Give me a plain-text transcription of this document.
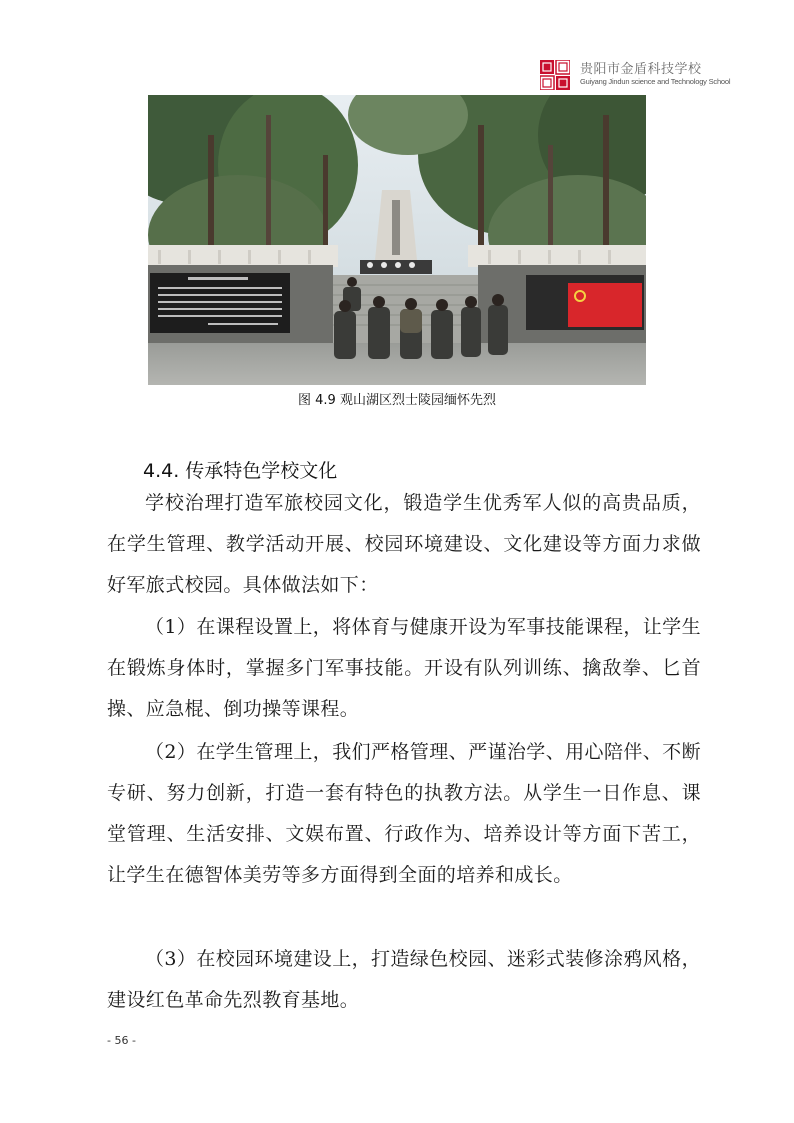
贵阳市金盾科技学校
Guiyang Jindun science and Technology School
图 4.9 观山湖区烈士陵园缅怀先烈
4.4. 传承特色学校文化

学校治理打造军旅校园文化，锻造学生优秀军人似的高贵品质，在学生管理、教学活动开展、校园环境建设、文化建设等方面力求做好军旅式校园。具体做法如下：

（1）在课程设置上，将体育与健康开设为军事技能课程，让学生在锻炼身体时，掌握多门军事技能。开设有队列训练、擒敌拳、匕首操、应急棍、倒功操等课程。

（2）在学生管理上，我们严格管理、严谨治学、用心陪伴、不断专研、努力创新，打造一套有特色的执教方法。从学生一日作息、课堂管理、生活安排、文娱布置、行政作为、培养设计等方面下苦工，让学生在德智体美劳等多方面得到全面的培养和成长。

（3）在校园环境建设上，打造绿色校园、迷彩式装修涂鸦风格，建设红色革命先烈教育基地。

- 56 -
